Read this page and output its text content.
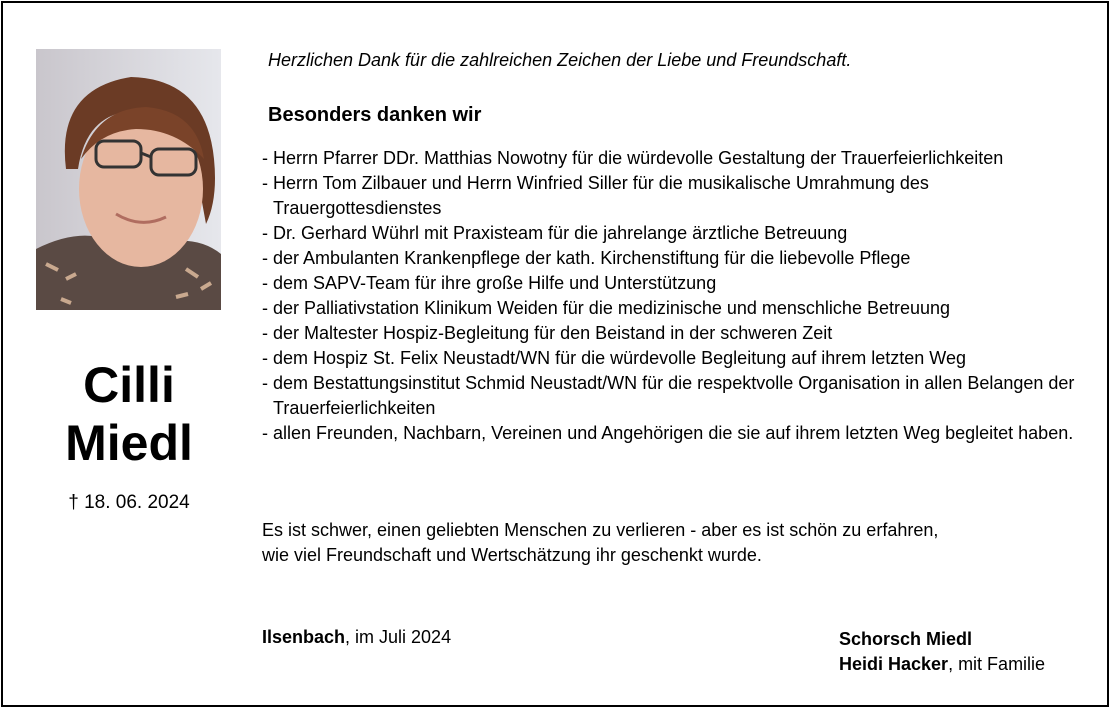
Cilli
Miedl
† 18. 06. 2024
Herzlichen Dank für die zahlreichen Zeichen der Liebe und Freundschaft.
Besonders danken wir
- Herrn Pfarrer DDr. Matthias Nowotny für die würdevolle Gestaltung der Trauerfeierlichkeiten
- Herrn Tom Zilbauer und Herrn Winfried Siller für die musikalische Umrahmung des Trauergottesdienstes
- Dr. Gerhard Wührl mit Praxisteam für die jahrelange ärztliche Betreuung
- der Ambulanten Krankenpflege der kath. Kirchenstiftung für die liebevolle Pflege
- dem SAPV-Team für ihre große Hilfe und Unterstützung
- der Palliativstation Klinikum Weiden für die medizinische und menschliche Betreuung
- der Maltester Hospiz-Begleitung für den Beistand in der schweren Zeit
- dem Hospiz St. Felix Neustadt/WN für die würdevolle Begleitung auf ihrem letzten Weg
- dem Bestattungsinstitut Schmid Neustadt/WN für die respektvolle Organisation in allen Belangen der Trauerfeierlichkeiten
- allen Freunden, Nachbarn, Vereinen und Angehörigen die sie auf ihrem letzten Weg begleitet haben.
Es ist schwer, einen geliebten Menschen zu verlieren - aber es ist schön zu erfahren,
wie viel Freundschaft und Wertschätzung ihr geschenkt wurde.
Ilsenbach, im Juli 2024	Schorsch Miedl
Heidi Hacker, mit Familie
